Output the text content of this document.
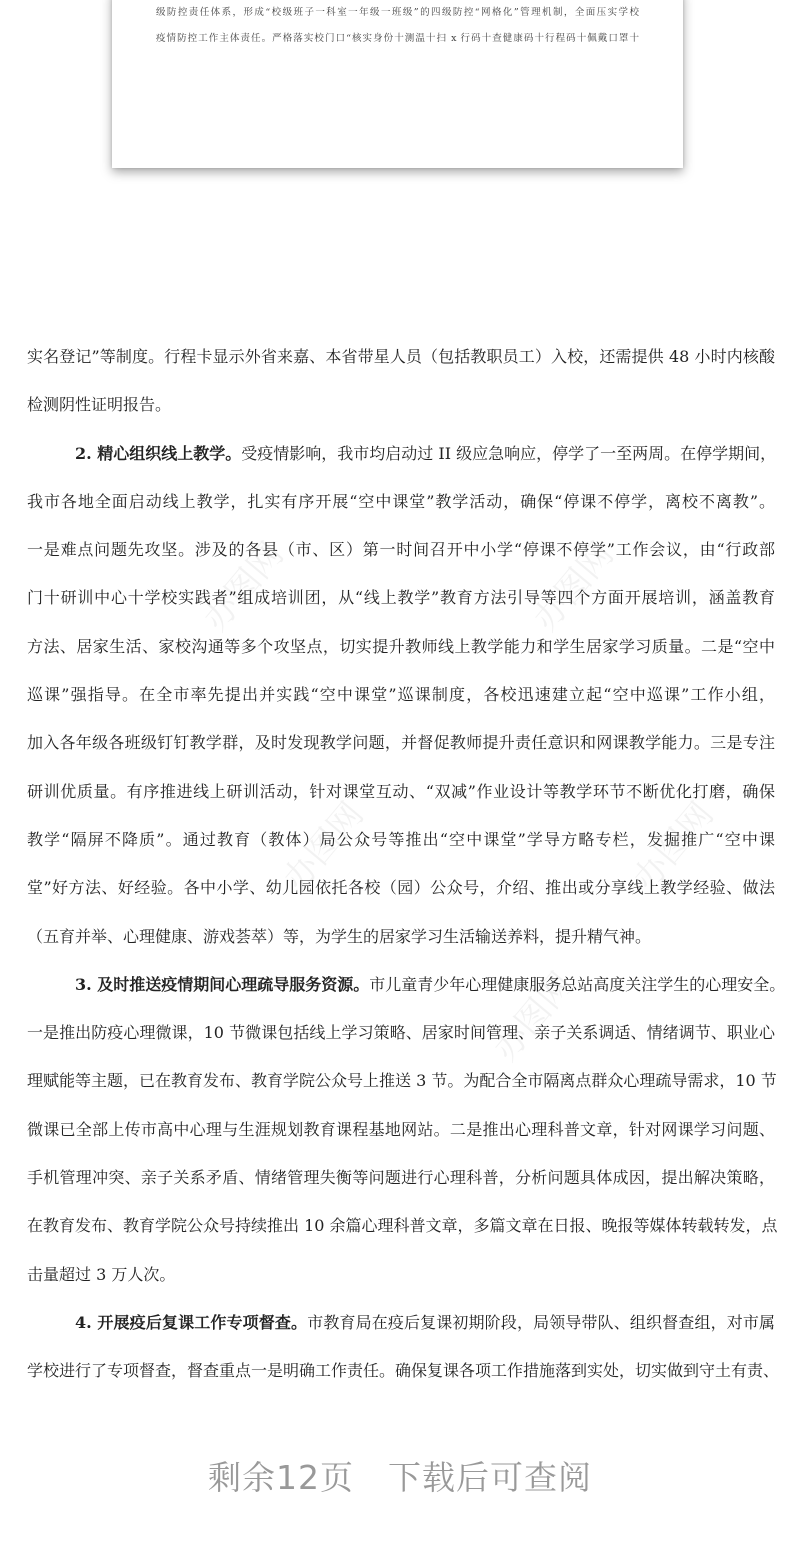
级防控责任体系，形成“校级班子一科室一年级一班级”的四级防控“网格化”管理机制，全面压实学校
疫情防控工作主体责任。严格落实校门口“核实身份十测温十扫 x 行码十查健康码十行程码十佩戴口罩十
办图网	办图网
办图网	办图网
办图网
实名登记”等制度。行程卡显示外省来嘉、本省带星人员（包括教职员工）入校，还需提供 48 小时内核酸
检测阴性证明报告。
2. 精心组织线上教学。受疫情影响，我市均启动过 II 级应急响应，停学了一至两周。在停学期间，
我市各地全面启动线上教学，扎实有序开展“空中课堂”教学活动，确保“停课不停学，离校不离教”。
一是难点问题先攻坚。涉及的各县（市、区）第一时间召开中小学“停课不停学”工作会议，由“行政部
门十研训中心十学校实践者”组成培训团，从“线上教学”教育方法引导等四个方面开展培训，涵盖教育
方法、居家生活、家校沟通等多个攻坚点，切实提升教师线上教学能力和学生居家学习质量。二是“空中
巡课”强指导。在全市率先提出并实践“空中课堂”巡课制度，各校迅速建立起“空中巡课”工作小组，
加入各年级各班级钉钉教学群，及时发现教学问题，并督促教师提升责任意识和网课教学能力。三是专注
研训优质量。有序推进线上研训活动，针对课堂互动、“双减”作业设计等教学环节不断优化打磨，确保
教学“隔屏不降质”。通过教育（教体）局公众号等推出“空中课堂”学导方略专栏，发掘推广“空中课
堂”好方法、好经验。各中小学、幼儿园依托各校（园）公众号，介绍、推出或分享线上教学经验、做法
（五育并举、心理健康、游戏荟萃）等，为学生的居家学习生活输送养料，提升精气神。
3. 及时推送疫情期间心理疏导服务资源。市儿童青少年心理健康服务总站高度关注学生的心理安全。
一是推出防疫心理微课，10 节微课包括线上学习策略、居家时间管理、亲子关系调适、情绪调节、职业心
理赋能等主题，已在教育发布、教育学院公众号上推送 3 节。为配合全市隔离点群众心理疏导需求，10 节
微课已全部上传市高中心理与生涯规划教育课程基地网站。二是推出心理科普文章，针对网课学习问题、
手机管理冲突、亲子关系矛盾、情绪管理失衡等问题进行心理科普，分析问题具体成因，提出解决策略，
在教育发布、教育学院公众号持续推出 10 余篇心理科普文章，多篇文章在日报、晚报等媒体转载转发，点
击量超过 3 万人次。
4. 开展疫后复课工作专项督查。市教育局在疫后复课初期阶段，局领导带队、组织督查组，对市属
学校进行了专项督查，督查重点一是明确工作责任。确保复课各项工作措施落到实处，切实做到守土有责、
剩余12页 下载后可查阅
